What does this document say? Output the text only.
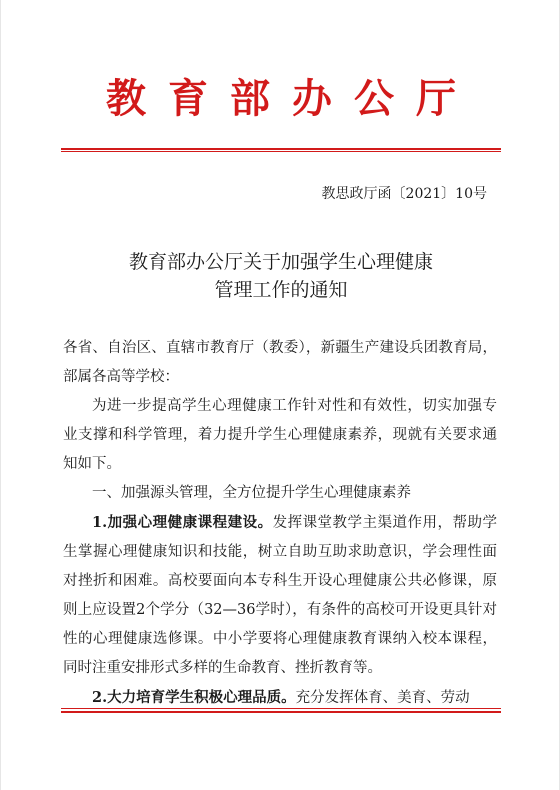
教育部办公厅
教思政厅函〔2021〕10号
教育部办公厅关于加强学生心理健康
管理工作的通知

各省、自治区、直辖市教育厅（教委），新疆生产建设兵团教育局，部属各高等学校：

为进一步提高学生心理健康工作针对性和有效性，切实加强专业支撑和科学管理，着力提升学生心理健康素养，现就有关要求通知如下。

一、加强源头管理，全方位提升学生心理健康素养

1.加强心理健康课程建设。发挥课堂教学主渠道作用，帮助学生掌握心理健康知识和技能，树立自助互助求助意识，学会理性面对挫折和困难。高校要面向本专科生开设心理健康公共必修课，原则上应设置2个学分（32—36学时），有条件的高校可开设更具针对性的心理健康选修课。中小学要将心理健康教育课纳入校本课程，同时注重安排形式多样的生命教育、挫折教育等。

2.大力培育学生积极心理品质。充分发挥体育、美育、劳动
